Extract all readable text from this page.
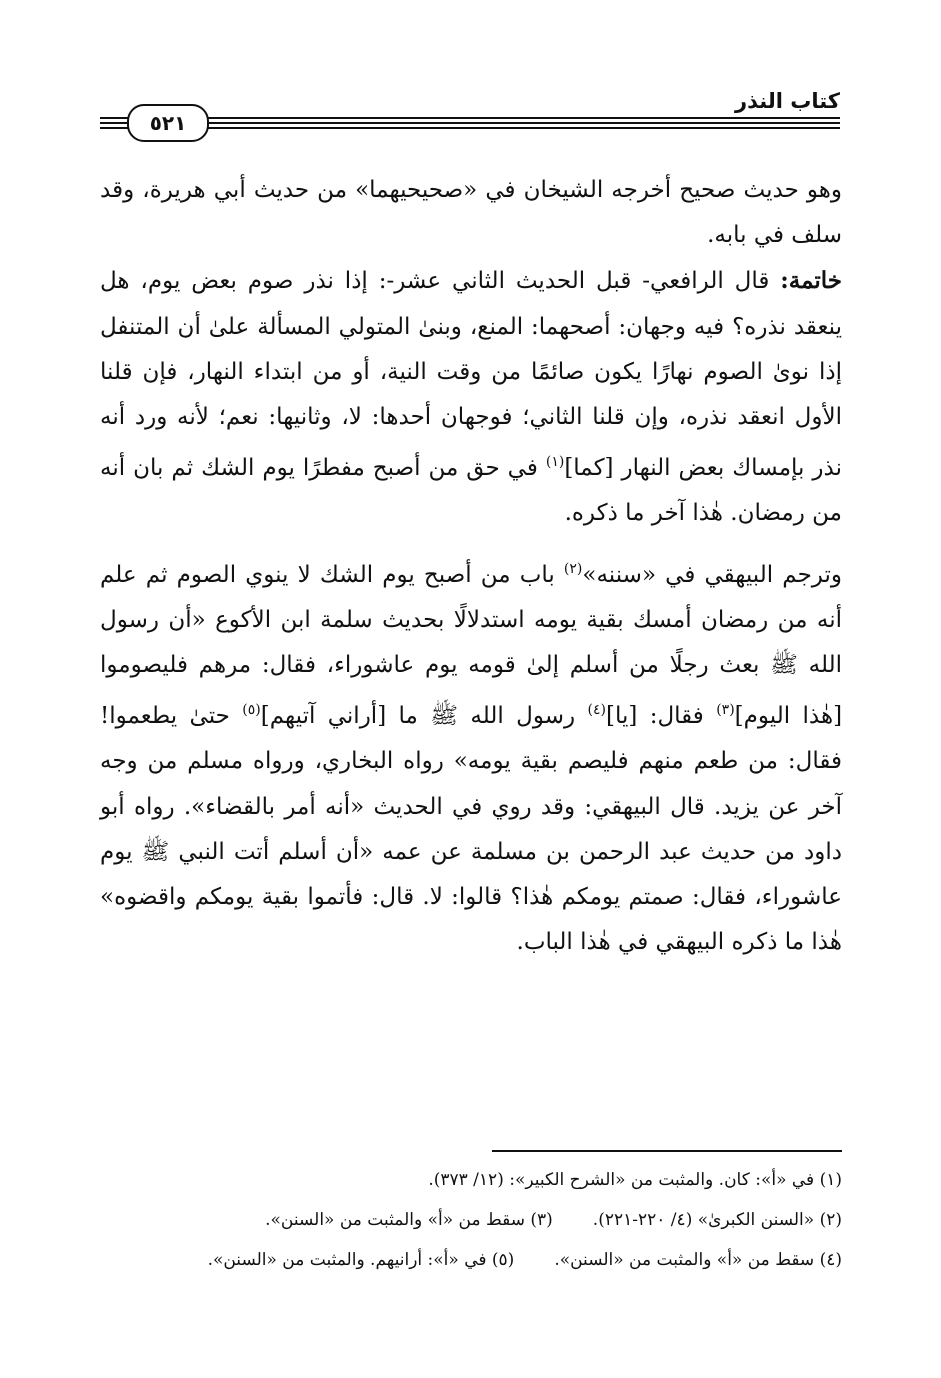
كتاب النذر
٥٢١

وهو حديث صحيح أخرجه الشيخان في «صحيحيهما» من حديث أبي هريرة، وقد سلف في بابه.

خاتمة: قال الرافعي- قبل الحديث الثاني عشر-: إذا نذر صوم بعض يوم، هل ينعقد نذره؟ فيه وجهان: أصحهما: المنع، وبنىٰ المتولي المسألة علىٰ أن المتنفل إذا نوىٰ الصوم نهارًا يكون صائمًا من وقت النية، أو من ابتداء النهار، فإن قلنا الأول انعقد نذره، وإن قلنا الثاني؛ فوجهان أحدها: لا، وثانيها: نعم؛ لأنه ورد أنه نذر بإمساك بعض النهار [كما]$^{(١)}$ في حق من أصبح مفطرًا يوم الشك ثم بان أنه من رمضان. هٰذا آخر ما ذكره.

وترجم البيهقي في «سننه»$^{(٢)}$ باب من أصبح يوم الشك لا ينوي الصوم ثم علم أنه من رمضان أمسك بقية يومه استدلالًا بحديث سلمة ابن الأكوع «أن رسول الله ﷺ بعث رجلًا من أسلم إلىٰ قومه يوم عاشوراء، فقال: مرهم فليصوموا [هٰذا اليوم]$^{(٣)}$ فقال: [يا]$^{(٤)}$ رسول الله ﷺ ما [أراني آتيهم]$^{(٥)}$ حتىٰ يطعموا! فقال: من طعم منهم فليصم بقية يومه» رواه البخاري، ورواه مسلم من وجه آخر عن يزيد. قال البيهقي: وقد روي في الحديث «أنه أمر بالقضاء». رواه أبو داود من حديث عبد الرحمن بن مسلمة عن عمه «أن أسلم أتت النبي ﷺ يوم عاشوراء، فقال: صمتم يومكم هٰذا؟ قالوا: لا. قال: فأتموا بقية يومكم واقضوه» هٰذا ما ذكره البيهقي في هٰذا الباب.

(١) في «أ»: كان. والمثبت من «الشرح الكبير»: (١٢/ ٣٧٣).
(٢) «السنن الكبرىٰ» (٤/ ٢٢٠-٢٢١).(٣) سقط من «أ» والمثبت من «السنن».
(٤) سقط من «أ» والمثبت من «السنن».(٥) في «أ»: أرانيهم. والمثبت من «السنن».
